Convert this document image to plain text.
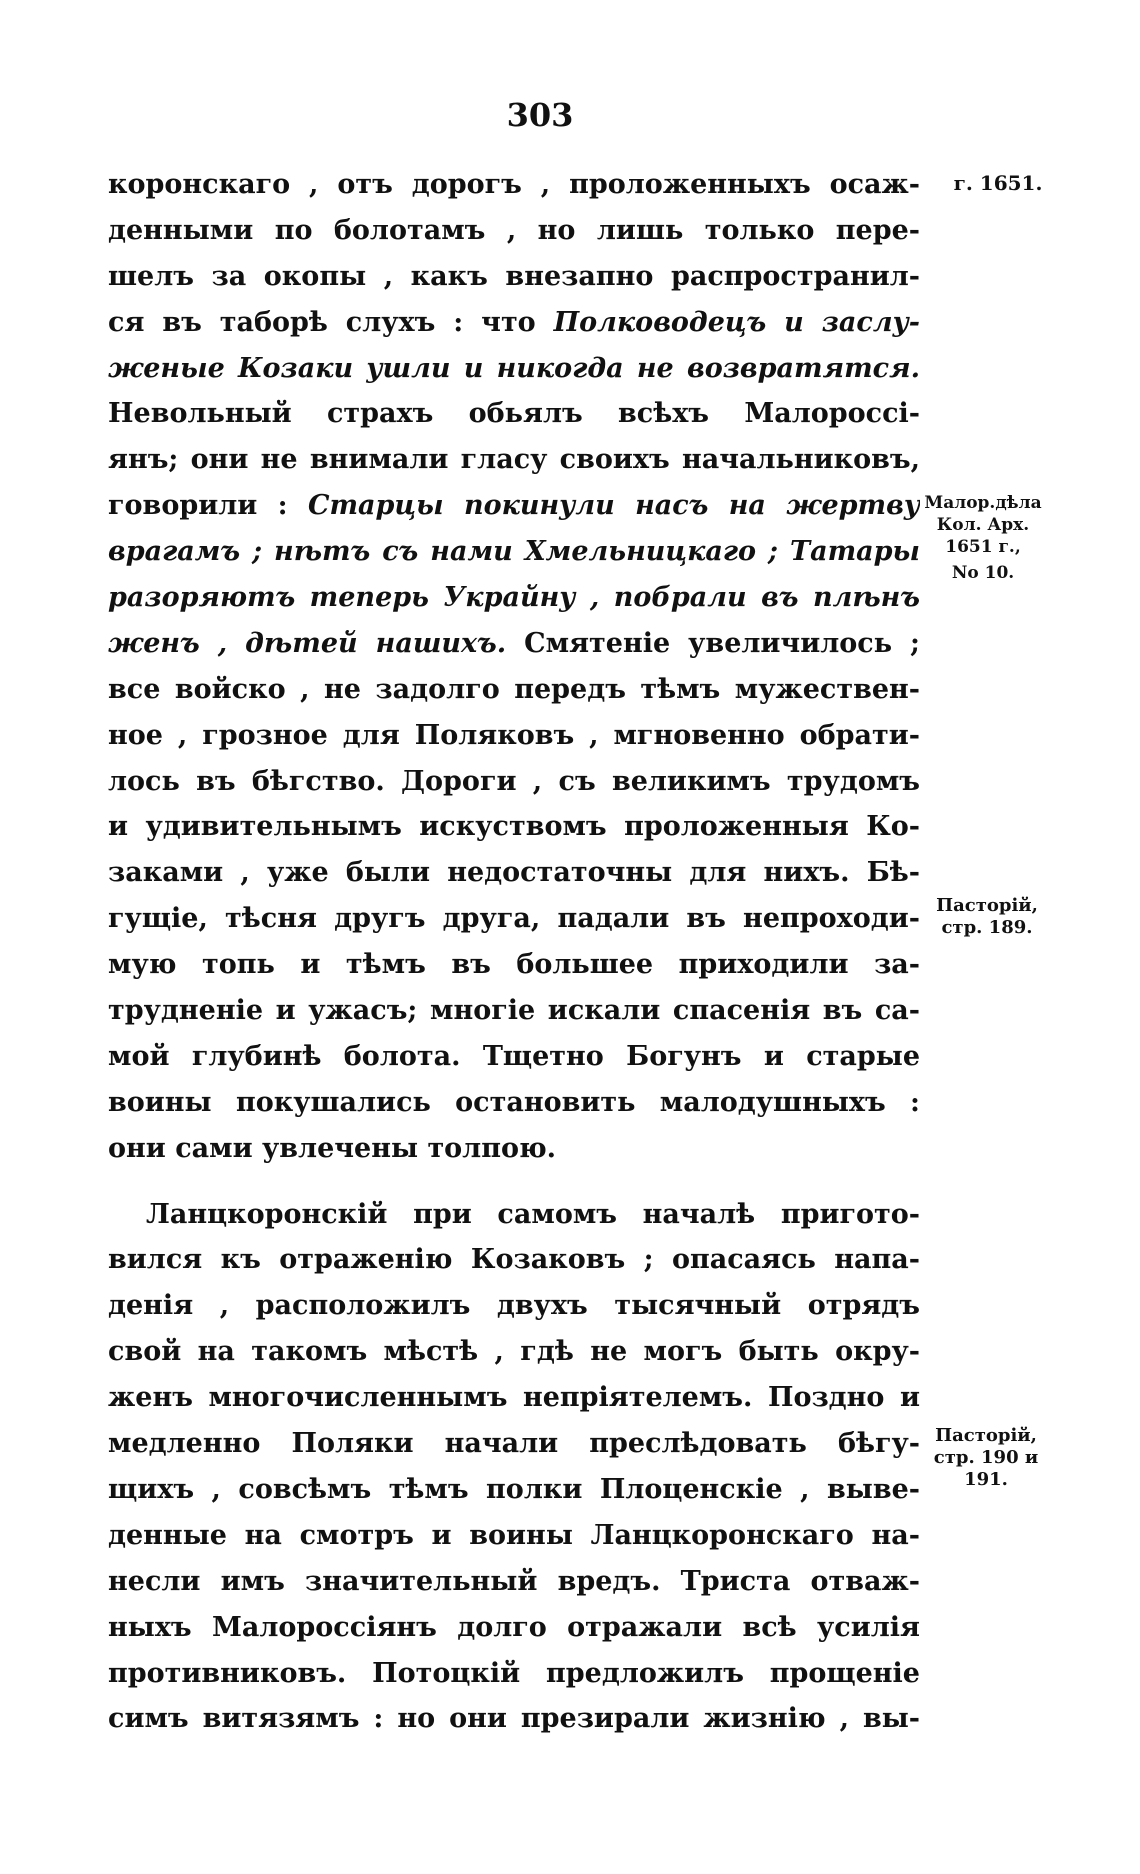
303
коронскаго , отъ дорогъ , проложенныхъ осаж-
денными по болотамъ , но лишь только пере-
шелъ за окопы , какъ внезапно распространил-
ся въ таборѣ слухъ : что Полководецъ и заслу-
женые Козаки ушли и никогда не возвратятся.
Невольный страхъ обьялъ всѣхъ Малороссі-
янъ; они не внимали гласу своихъ начальниковъ,
говорили : Старцы покинули насъ на жертву
врагамъ ; нѣтъ съ нами Хмельницкаго ; Татары
разоряютъ теперь Украйну , побрали въ плѣнъ
женъ , дѣтей нашихъ. Смятеніе увеличилось ;
все войско , не задолго передъ тѣмъ мужествен-
ное , грозное для Поляковъ , мгновенно обрати-
лось въ бѣгство. Дороги , съ великимъ трудомъ
и удивительнымъ искуствомъ проложенныя Ко-
заками , уже были недостаточны для нихъ. Бѣ-
гущіе, тѣсня другъ друга, падали въ непроходи-
мую топь и тѣмъ въ большее приходили за-
трудненіе и ужасъ; многіе искали спасенія въ са-
мой глубинѣ болота. Тщетно Богунъ и старые
воины покушались остановить малодушныхъ :
они сами увлечены толпою.
Ланцкоронскій при самомъ началѣ пригото-
вился къ отраженію Козаковъ ; опасаясь напа-
денія , расположилъ двухъ тысячный отрядъ
свой на такомъ мѣстѣ , гдѣ не могъ быть окру-
женъ многочисленнымъ непріятелемъ. Поздно и
медленно Поляки начали преслѣдовать бѣгу-
щихъ , совсѣмъ тѣмъ полки Плоценскіе , выве-
денные на смотръ и воины Ланцкоронскаго на-
несли имъ значительный вредъ. Триста отваж-
ныхъ Малороссіянъ долго отражали всѣ усилія
противниковъ. Потоцкій предложилъ прощеніе
симъ витязямъ : но они презирали жизнію , вы-
г. 1651.
Малор.дѣла
Кол. Арх.
1651 г.,
No 10.
Пасторій,
стр. 189.
Пасторій,
стр. 190 и
191.
